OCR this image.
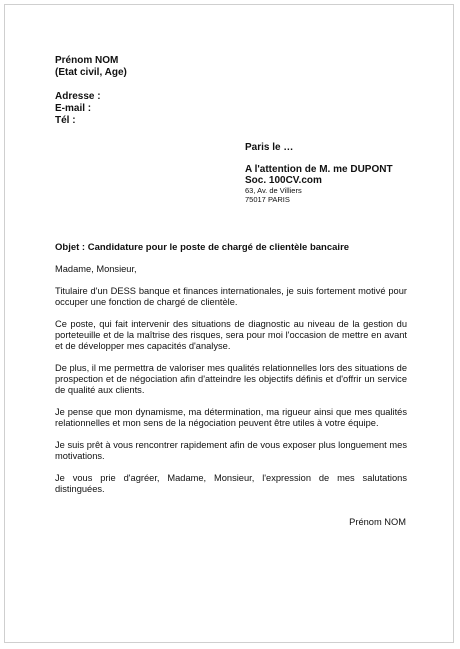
Prénom NOM
(Etat civil, Age)
Adresse :
E-mail :
Tél :
Paris le …
A l'attention de M. me DUPONT
Soc. 100CV.com
63, Av. de Villiers
75017 PARIS
Objet : Candidature pour le poste de chargé de clientèle bancaire

Madame, Monsieur,

Titulaire d'un DESS banque et finances internationales, je suis fortement motivé pour occuper une fonction de chargé de clientèle.

Ce poste, qui fait intervenir des situations de diagnostic au niveau de la gestion du porteteuille et de la maîtrise des risques, sera pour moi l'occasion de mettre en avant et de développer mes capacités d'analyse.

De plus, il me permettra de valoriser mes qualités relationnelles lors des situations de prospection et de négociation afin d'atteindre les objectifs définis et d'offrir un service de qualité aux clients.

Je pense que mon dynamisme, ma détermination, ma rigueur ainsi que mes qualités relationnelles et mon sens de la négociation peuvent être utiles à votre équipe.

Je suis prêt à vous rencontrer rapidement afin de vous exposer plus longuement mes motivations.

Je vous prie d'agréer, Madame, Monsieur, l'expression de mes salutations distinguées.

Prénom NOM
